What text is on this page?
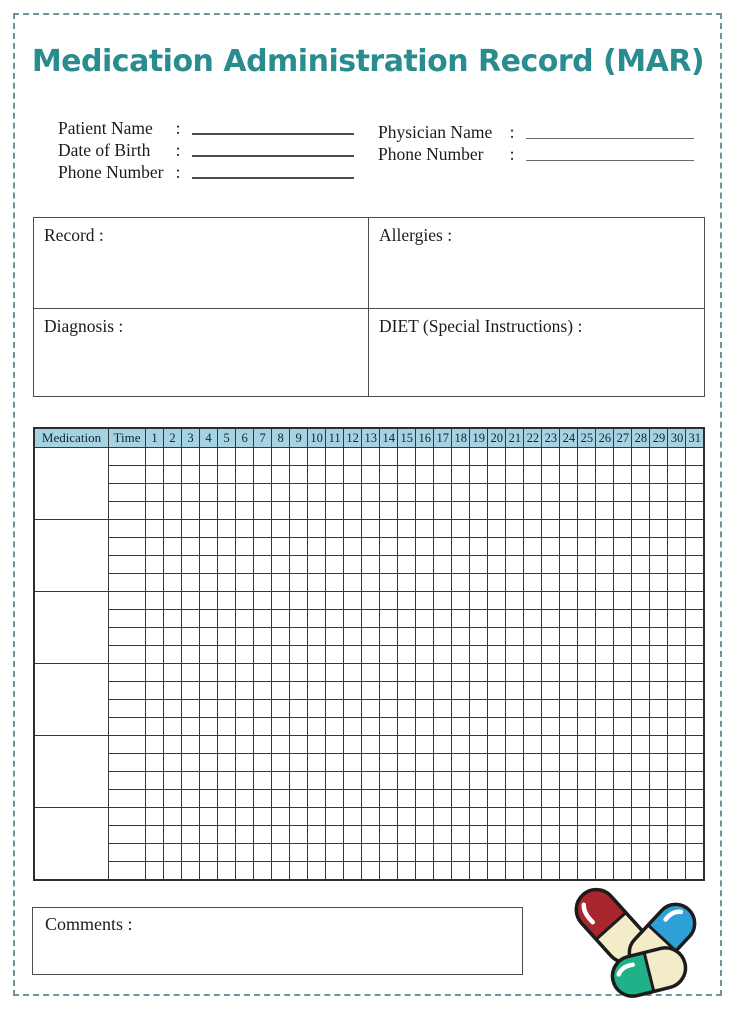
Medication Administration Record (MAR)
Patient Name	:
Date of Birth	:
Phone Number :
Physician Name :
Phone Number	:
Record :	Allergies :
Diagnosis :	DIET (Special Instructions) :
Medication	Time	1	2	3	4	5	6	7	8	9	10	11	12	13	14	15	16	17	18	19	20	21	22	23	24	25	26	27	28	29	30	31

Comments :
